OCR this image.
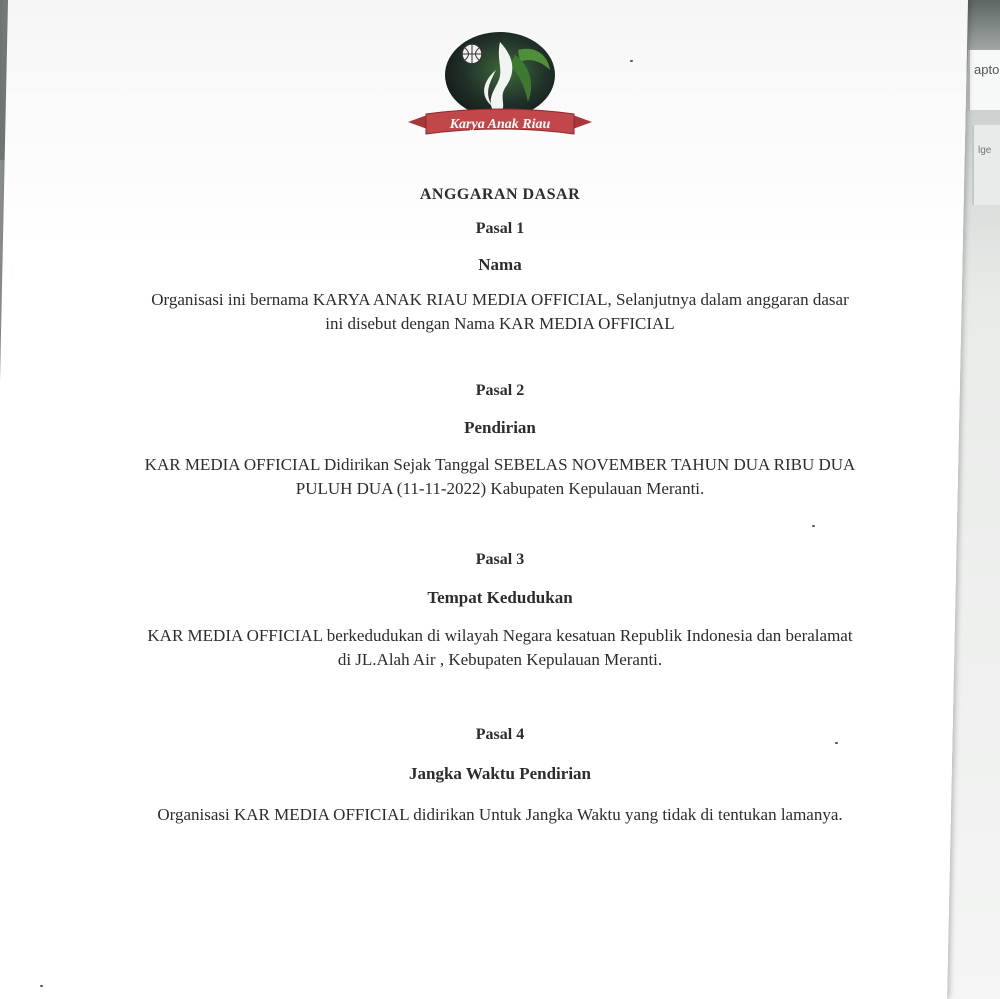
apto
lge
Karya Anak Riau
ANGGARAN DASAR
Pasal 1
Nama
Organisasi ini bernama KARYA ANAK RIAU MEDIA OFFICIAL, Selanjutnya dalam anggaran dasar
ini disebut dengan Nama KAR MEDIA OFFICIAL
Pasal 2
Pendirian
KAR MEDIA OFFICIAL Didirikan Sejak Tanggal SEBELAS NOVEMBER TAHUN DUA RIBU DUA
PULUH DUA (11-11-2022) Kabupaten Kepulauan Meranti.
Pasal 3
Tempat Kedudukan
KAR MEDIA OFFICIAL berkedudukan di wilayah Negara kesatuan Republik Indonesia dan beralamat
di JL.Alah Air , Kebupaten Kepulauan Meranti.
Pasal 4
Jangka Waktu Pendirian
Organisasi KAR MEDIA OFFICIAL didirikan Untuk Jangka Waktu yang tidak di tentukan lamanya.
